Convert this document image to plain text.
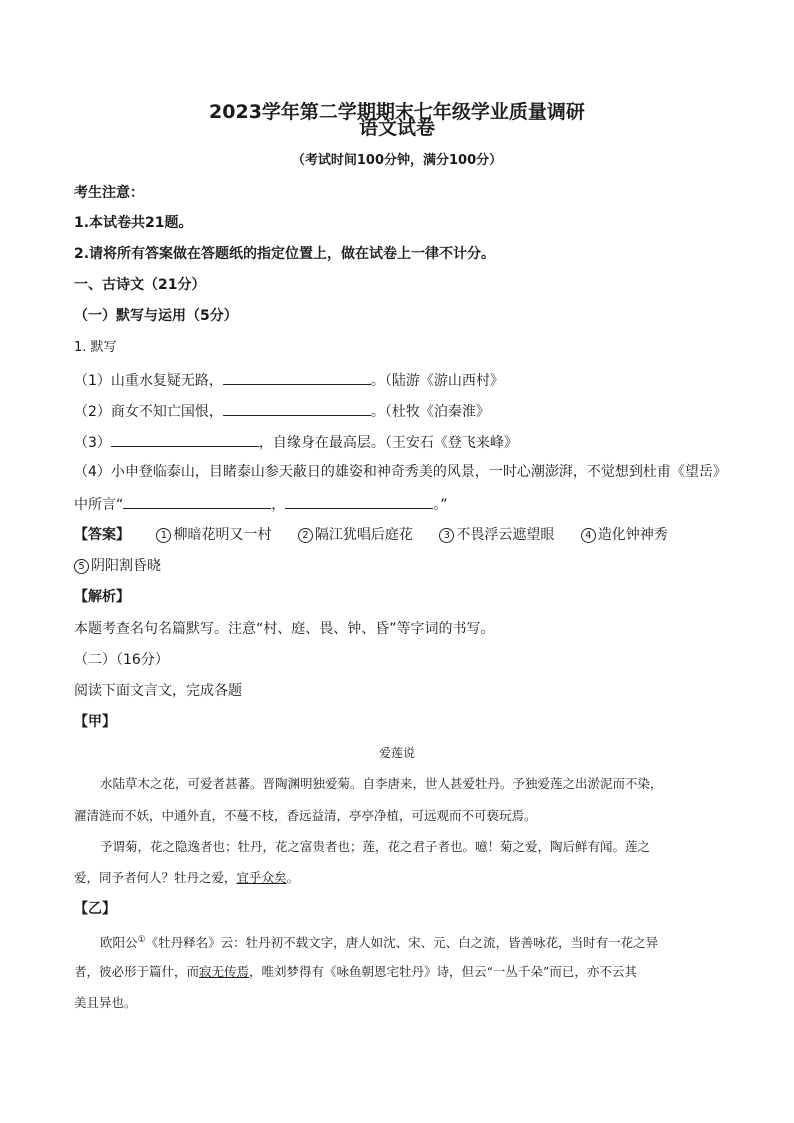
2023学年第二学期期末七年级学业质量调研
语文试卷
（考试时间100分钟，满分100分）
考生注意：
1.本试卷共21题。
2.请将所有答案做在答题纸的指定位置上，做在试卷上一律不计分。
一、古诗文（21分）
（一）默写与运用（5分）
1. 默写
（1）山重水复疑无路，	。（陆游《游山西村》
（2）商女不知亡国恨，	。（杜牧《泊秦淮》
（3）	，自缘身在最高层。（王安石《登飞来峰》
（4）小申登临泰山，目睹泰山参天蔽日的雄姿和神奇秀美的风景，一时心潮澎湃，不觉想到杜甫《望岳》
中所言“	，	。”
【答案】	1 柳暗花明又一村	2 隔江犹唱后庭花	3 不畏浮云遮望眼	4 造化钟神秀
5 阴阳割昏晓
【解析】
本题考查名句名篇默写。注意“村、庭、畏、钟、昏”等字词的书写。
（二）（16分）
阅读下面文言文，完成各题
【甲】
爱莲说
水陆草木之花，可爱者甚蕃。晋陶渊明独爱菊。自李唐来，世人甚爱牡丹。予独爱莲之出淤泥而不染，
濯清涟而不妖，中通外直，不蔓不枝，香远益清，亭亭净植，可远观而不可亵玩焉。
予谓菊，花之隐逸者也；牡丹，花之富贵者也；莲，花之君子者也。噫！菊之爱，陶后鲜有闻。莲之
爱，同予者何人？牡丹之爱，宜乎众矣。
【乙】
欧阳公①《牡丹释名》云：牡丹初不载文字，唐人如沈、宋、元、白之流，皆善咏花，当时有一花之异
者，彼必形于篇什，而寂无传焉，唯刘梦得有《咏鱼朝恩宅牡丹》诗，但云“一丛千朵”而已，亦不云其
美且异也。
